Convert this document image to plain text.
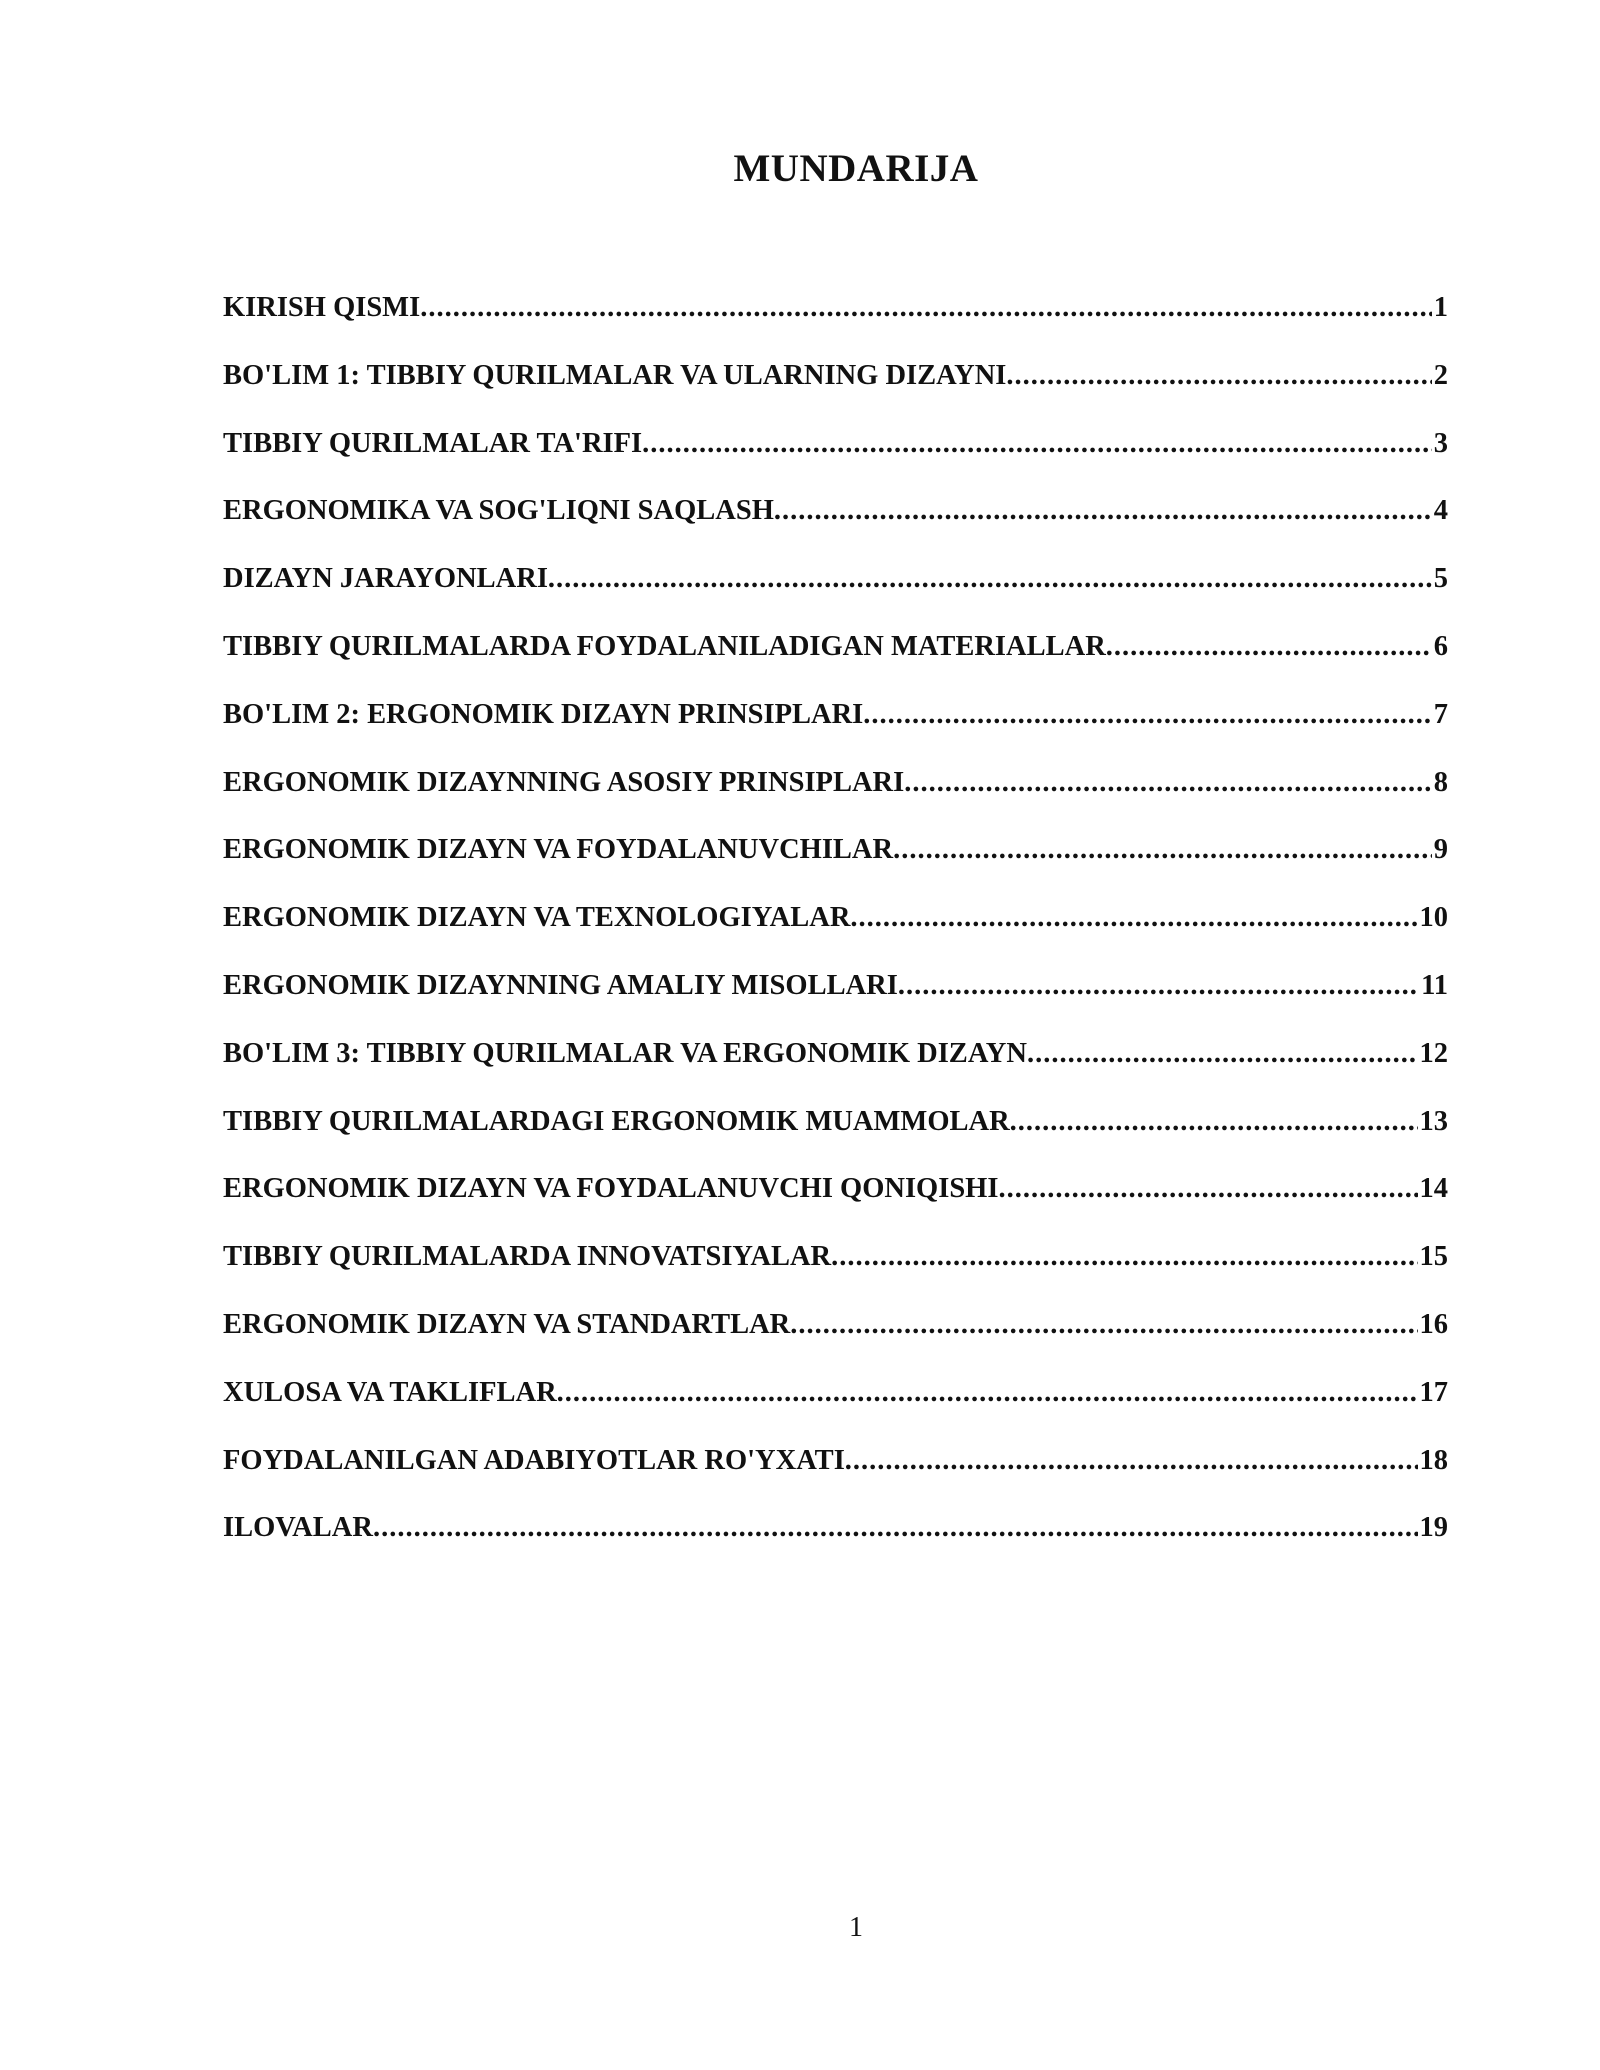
MUNDARIJA
KIRISH QISMI .....	1
BO'LIM 1: TIBBIY QURILMALAR VA ULARNING DIZAYNI .....	2
TIBBIY QURILMALAR TA'RIFI .....	3
ERGONOMIKA VA SOG'LIQNI SAQLASH .....	4
DIZAYN JARAYONLARI .....	5
TIBBIY QURILMALARDA FOYDALANILADIGAN MATERIALLAR .....	6
BO'LIM 2: ERGONOMIK DIZAYN PRINSIPLARI .....	7
ERGONOMIK DIZAYNNING ASOSIY PRINSIPLARI .....	8
ERGONOMIK DIZAYN VA FOYDALANUVCHILAR .....	9
ERGONOMIK DIZAYN VA TEXNOLOGIYALAR .....	10
ERGONOMIK DIZAYNNING AMALIY MISOLLARI .....	11
BO'LIM 3: TIBBIY QURILMALAR VA ERGONOMIK DIZAYN .....	12
TIBBIY QURILMALARDAGI ERGONOMIK MUAMMOLAR .....	13
ERGONOMIK DIZAYN VA FOYDALANUVCHI QONIQISHI .....	14
TIBBIY QURILMALARDA INNOVATSIYALAR .....	15
ERGONOMIK DIZAYN VA STANDARTLAR .....	16
XULOSA VA TAKLIFLAR .....	17
FOYDALANILGAN ADABIYOTLAR RO'YXATI .....	18
ILOVALAR .....	19
1
